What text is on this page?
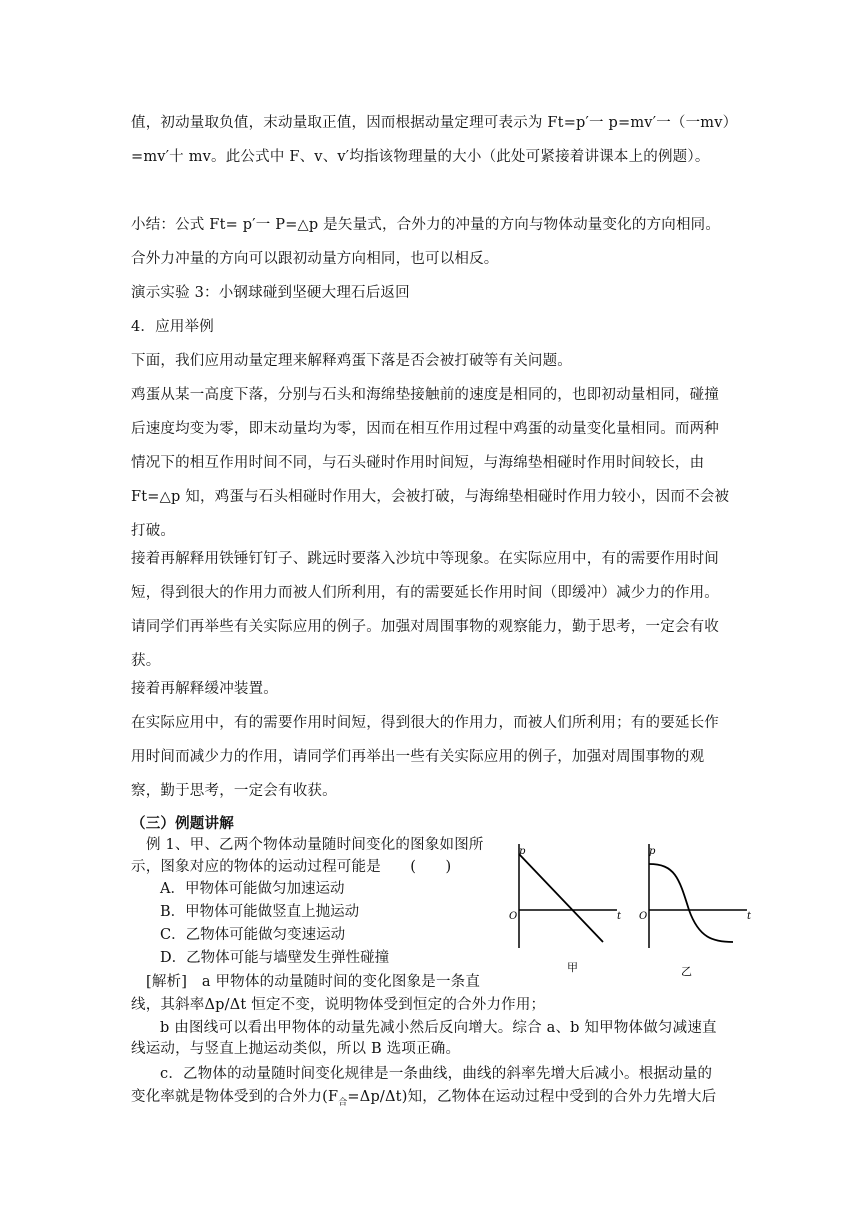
值，初动量取负值，末动量取正值，因而根据动量定理可表示为 Ft=p′一 p=mv′一（一mv）=mv′十 mv。此公式中 F、v、v′均指该物理量的大小（此处可紧接着讲课本上的例题）。
小结：公式 Ft= p′一 P=△p 是矢量式，合外力的冲量的方向与物体动量变化的方向相同。合外力冲量的方向可以跟初动量方向相同，也可以相反。
演示实验 3：小钢球碰到坚硬大理石后返回
4．应用举例
下面，我们应用动量定理来解释鸡蛋下落是否会被打破等有关问题。
鸡蛋从某一高度下落，分别与石头和海绵垫接触前的速度是相同的，也即初动量相同，碰撞后速度均变为零，即末动量均为零，因而在相互作用过程中鸡蛋的动量变化量相同。而两种情况下的相互作用时间不同，与石头碰时作用时间短，与海绵垫相碰时作用时间较长，由 Ft=△p 知，鸡蛋与石头相碰时作用大，会被打破，与海绵垫相碰时作用力较小，因而不会被打破。
接着再解释用铁锤钉钉子、跳远时要落入沙坑中等现象。在实际应用中，有的需要作用时间短，得到很大的作用力而被人们所利用，有的需要延长作用时间（即缓冲）减少力的作用。请同学们再举些有关实际应用的例子。加强对周围事物的观察能力，勤于思考，一定会有收获。
接着再解释缓冲装置。
在实际应用中，有的需要作用时间短，得到很大的作用力，而被人们所利用；有的要延长作用时间而减少力的作用，请同学们再举出一些有关实际应用的例子，加强对周围事物的观察，勤于思考，一定会有收获。
（三）例题讲解
例 1、甲、乙两个物体动量随时间变化的图象如图所
示，图象对应的物体的运动过程可能是　　(　　)
A．甲物体可能做匀加速运动
B．甲物体可能做竖直上抛运动
C．乙物体可能做匀变速运动
D．乙物体可能与墙壁发生弹性碰撞
[解析]　a 甲物体的动量随时间的变化图象是一条直
线，其斜率Δp/Δt 恒定不变，说明物体受到恒定的合外力作用；
b 由图线可以看出甲物体的动量先减小然后反向增大。综合 a、b 知甲物体做匀减速直线运动，与竖直上抛运动类似，所以 B 选项正确。
c．乙物体的动量随时间变化规律是一条曲线，曲线的斜率先增大后减小。根据动量的
变化率就是物体受到的合外力$(F_合=\Delta p/\Delta t)$知，乙物体在运动过程中受到的合外力先增大后
p
t
O
甲
p
t
O
乙
